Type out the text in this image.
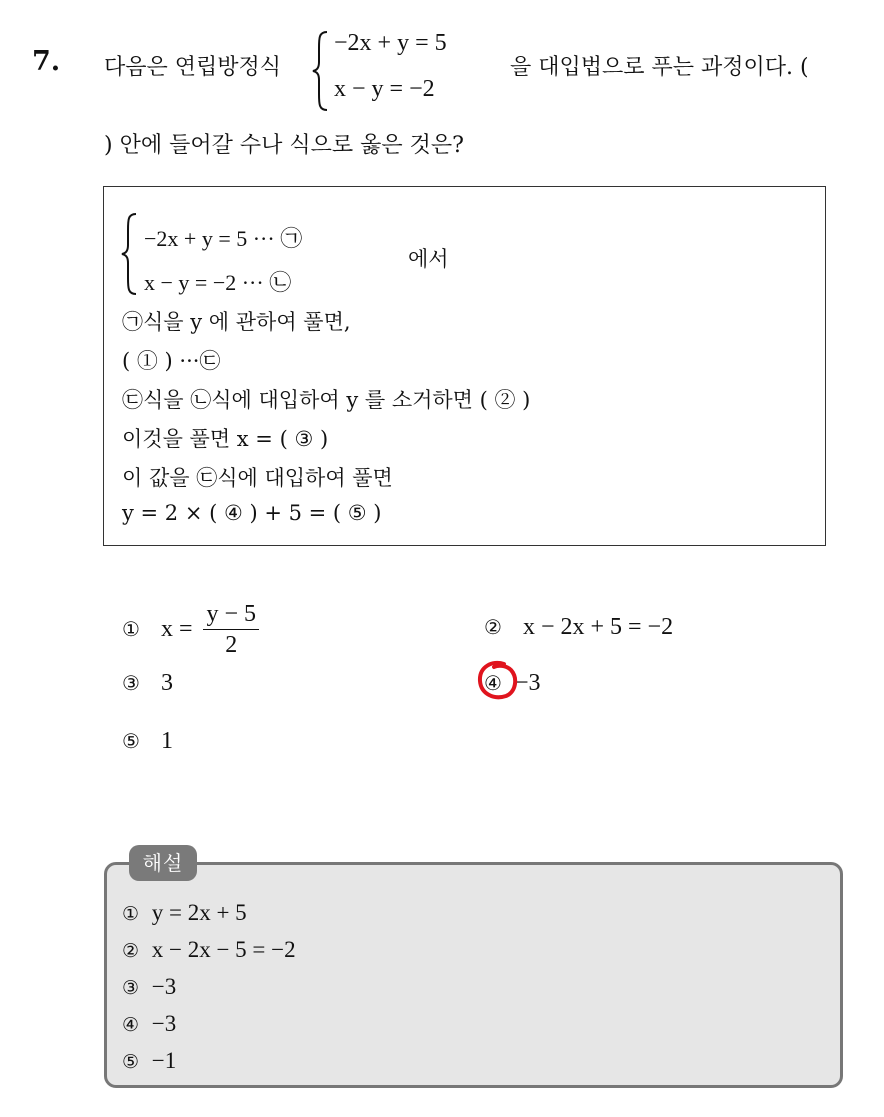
7. 다음은 연립방정식
−2x + y = 5
x − y = −2
을 대입법으로 푸는 과정이다. (
) 안에 들어갈 수나 식으로 옳은 것은?
−2x + y = 5 ··· ㉠
x − y = −2 ··· ㉡
에서
㉠식을 y 에 관하여 풀면,
( ① ) ···㉢
㉢식을 ㉡식에 대입하여 y 를 소거하면 ( ② )
이것을 풀면 x = ( ③ )
이 값을 ㉢식에 대입하여 풀면
y = 2 × ( ④ ) + 5 = ( ⑤ )
① $x = \frac{y - 5}{2}$	② x − 2x + 5 = −2
③ 3	④ −3
⑤ 1
해설
① y = 2x + 5
② x − 2x − 5 = −2
③ −3
④ −3
⑤ −1
